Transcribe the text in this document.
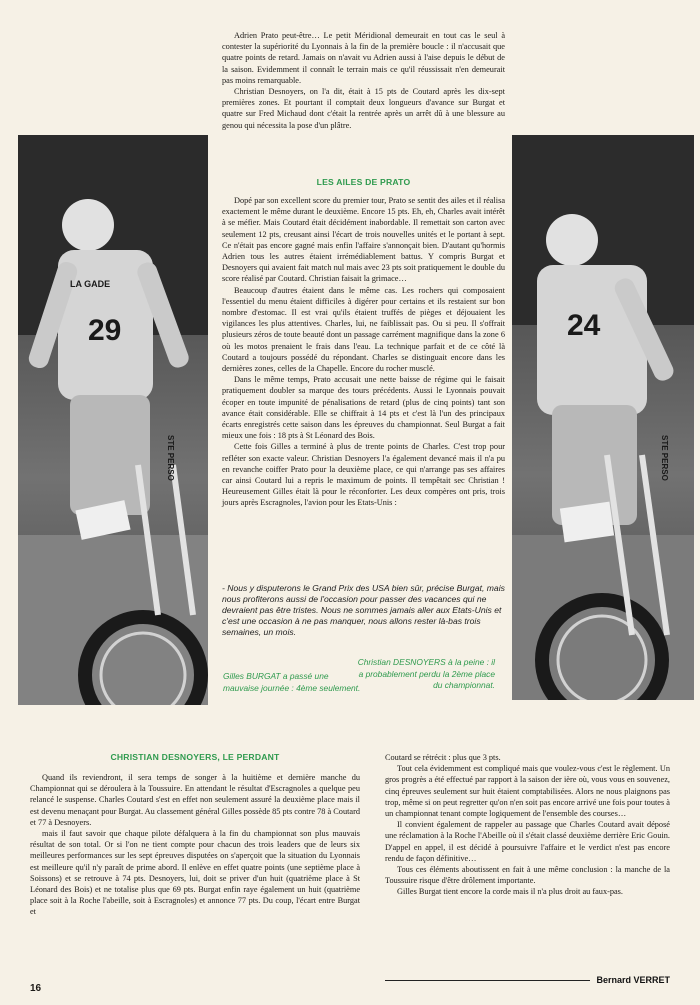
29
LA GADE
STE PERSO
24
STE PERSO

Adrien Prato peut-être… Le petit Méridional demeurait en tout cas le seul à contester la supériorité du Lyonnais à la fin de la première boucle : il n'accusait que quatre points de retard. Jamais on n'avait vu Adrien aussi à l'aise depuis le début de la saison. Evidemment il connaît le terrain mais ce qu'il réussissait n'en demeurait pas moins remarquable.

Christian Desnoyers, on l'a dit, était à 15 pts de Coutard après les dix-sept premières zones. Et pourtant il comptait deux longueurs d'avance sur Burgat et quatre sur Fred Michaud dont c'était la rentrée après un arrêt dû à une blessure au genou qui nécessita la pose d'un plâtre.

LES AILES DE PRATO

Dopé par son excellent score du premier tour, Prato se sentit des ailes et il réalisa exactement le même durant le deuxième. Encore 15 pts. Eh, eh, Charles avait intérêt à se méfier. Mais Coutard était décidément inabordable. Il remettait son carton avec seulement 12 pts, creusant ainsi l'écart de trois nouvelles unités et le portant à sept. Ce n'était pas encore gagné mais enfin l'affaire s'annonçait bien. D'autant qu'hormis Adrien tous les autres étaient irrémédiablement battus. Y compris Burgat et Desnoyers qui avaient fait match nul mais avec 23 pts soit pratiquement le double du score réalisé par Coutard. Christian faisait la grimace…

Beaucoup d'autres étaient dans le même cas. Les rochers qui composaient l'essentiel du menu étaient difficiles à digérer pour certains et ils restaient sur bon nombre d'estomac. Il est vrai qu'ils étaient truffés de pièges et déjouaient les vigilances les plus attentives. Charles, lui, ne faiblissait pas. Ou si peu. Il s'offrait plusieurs zéros de toute beauté dont un passage carrément magnifique dans la zone 6 où les motos prenaient le frais dans l'eau. La technique parfait et de ce côté là Coutard a toujours possédé du répondant. Charles se distinguait encore dans les dernières zones, celles de la Chapelle. Encore du rocher musclé.

Dans le même temps, Prato accusait une nette baisse de régime qui le faisait pratiquement doubler sa marque des tours précédents. Aussi le Lyonnais pouvait écoper en toute impunité de pénalisations de retard (plus de cinq points) tant son avance était considérable. Elle se chiffrait à 14 pts et c'est là l'un des principaux écarts enregistrés cette saison dans les épreuves du championnat. Seul Burgat a fait mieux une fois : 18 pts à St Léonard des Bois.

Cette fois Gilles a terminé à plus de trente points de Charles. C'est trop pour refléter son exacte valeur. Christian Desnoyers l'a également devancé mais il n'a pu en revanche coiffer Prato pour la deuxième place, ce qui n'arrange pas ses affaires car ainsi Coutard lui a repris le maximum de points. Il tempêtait sec Christian ! Heureusement Gilles était là pour le réconforter. Les deux compères ont pris, trois jours après Escragnoles, l'avion pour les Etats-Unis :

- Nous y disputerons le Grand Prix des USA bien sûr, précise Burgat, mais nous profiterons aussi de l'occasion pour passer des vacances qui ne devraient pas être tristes. Nous ne sommes jamais aller aux Etats-Unis et c'est une occasion à ne pas manquer, nous allons rester là-bas trois semaines, un mois.
Gilles BURGAT a passé une mauvaise journée : 4ème seulement.
Christian DESNOYERS à la peine : il a probablement perdu la 2ème place du championnat.
CHRISTIAN DESNOYERS, LE PERDANT

Quand ils reviendront, il sera temps de songer à la huitième et dernière manche du Championnat qui se déroulera à la Toussuire. En attendant le résultat d'Escragnoles a quelque peu relancé le suspense. Charles Coutard s'est en effet non seulement assuré la deuxième place mais il est devenu menaçant pour Burgat. Au classement général Gilles possède 85 pts contre 78 à Coutard et 77 à Desnoyers.

mais il faut savoir que chaque pilote défalquera à la fin du championnat son plus mauvais résultat de son total. Or si l'on ne tient compte pour chacun des trois leaders que de leurs six meilleures performances sur les sept épreuves disputées on s'aperçoit que la situation du Lyonnais est meilleure qu'il n'y paraît de prime abord. Il enlève en effet quatre points (une septième place à Soissons) et se retrouve à 74 pts. Desnoyers, lui, doit se priver d'un huit (quatrième place à St Léonard des Bois) et ne totalise plus que 69 pts. Burgat enfin raye également un huit (quatrième place soit à la Roche l'abeille, soit à Escragnoles) et annonce 77 pts. Du coup, l'écart entre Burgat et

Coutard se rétrécit : plus que 3 pts.

Tout cela évidemment est compliqué mais que voulez-vous c'est le règlement. Un gros progrès a été effectué par rapport à la saison der ière où, vous vous en souvenez, cinq épreuves seulement sur huit étaient comptabilisées. Alors ne nous plaignons pas trop, même si on peut regretter qu'on n'en soit pas encore arrivé une fois pour toutes à un championnat tenant compte logiquement de l'ensemble des courses…

Il convient également de rappeler au passage que Charles Coutard avait déposé une réclamation à la Roche l'Abeille où il s'était classé deuxième derrière Eric Gouin. D'appel en appel, il est décidé à poursuivre l'affaire et le verdict n'est pas encore rendu de façon définitive…

Tous ces éléments aboutissent en fait à une même conclusion : la manche de la Toussuire risque d'être drôlement importante.

Gilles Burgat tient encore la corde mais il n'a plus droit au faux-pas.

Bernard VERRET
16
